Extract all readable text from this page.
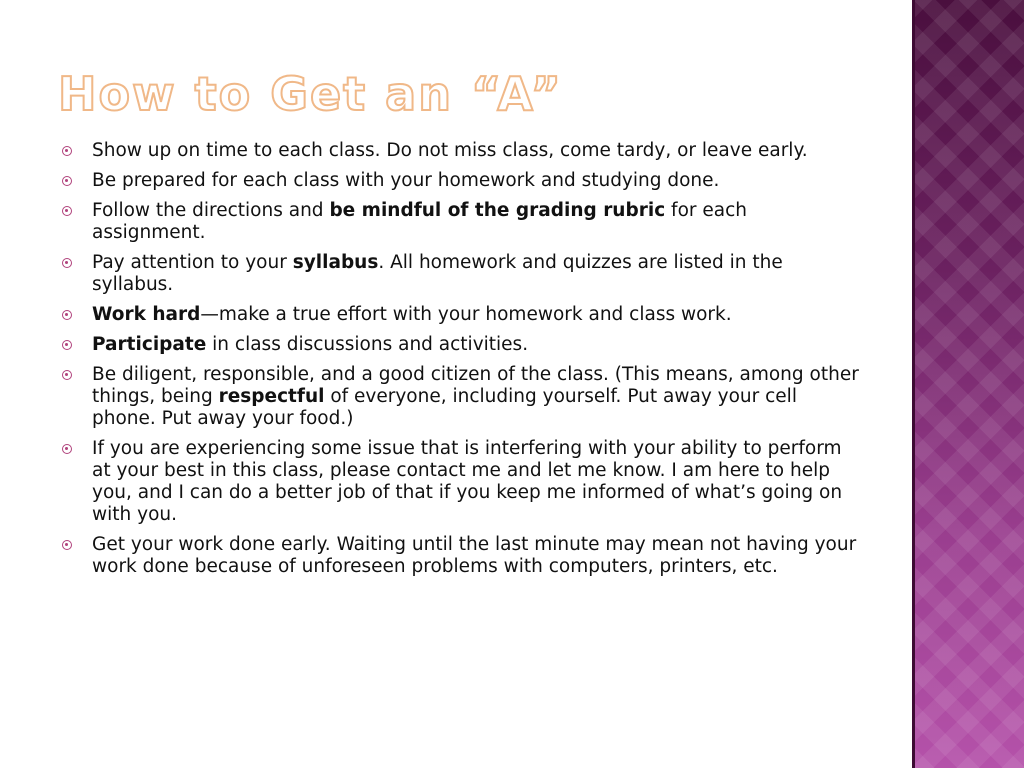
How to Get an “A”
Show up on time to each class. Do not miss class, come tardy, or leave early.
Be prepared for each class with your homework and studying done.
Follow the directions and be mindful of the grading rubric for each assignment.
Pay attention to your syllabus. All homework and quizzes are listed in the syllabus.
Work hard—make a true effort with your homework and class work.
Participate in class discussions and activities.
Be diligent, responsible, and a good citizen of the class. (This means, among other things, being respectful of everyone, including yourself. Put away your cell phone. Put away your food.)
If you are experiencing some issue that is interfering with your ability to perform at your best in this class, please contact me and let me know. I am here to help you, and I can do a better job of that if you keep me informed of what’s going on with you.
Get your work done early. Waiting until the last minute may mean not having your work done because of unforeseen problems with computers, printers, etc.
